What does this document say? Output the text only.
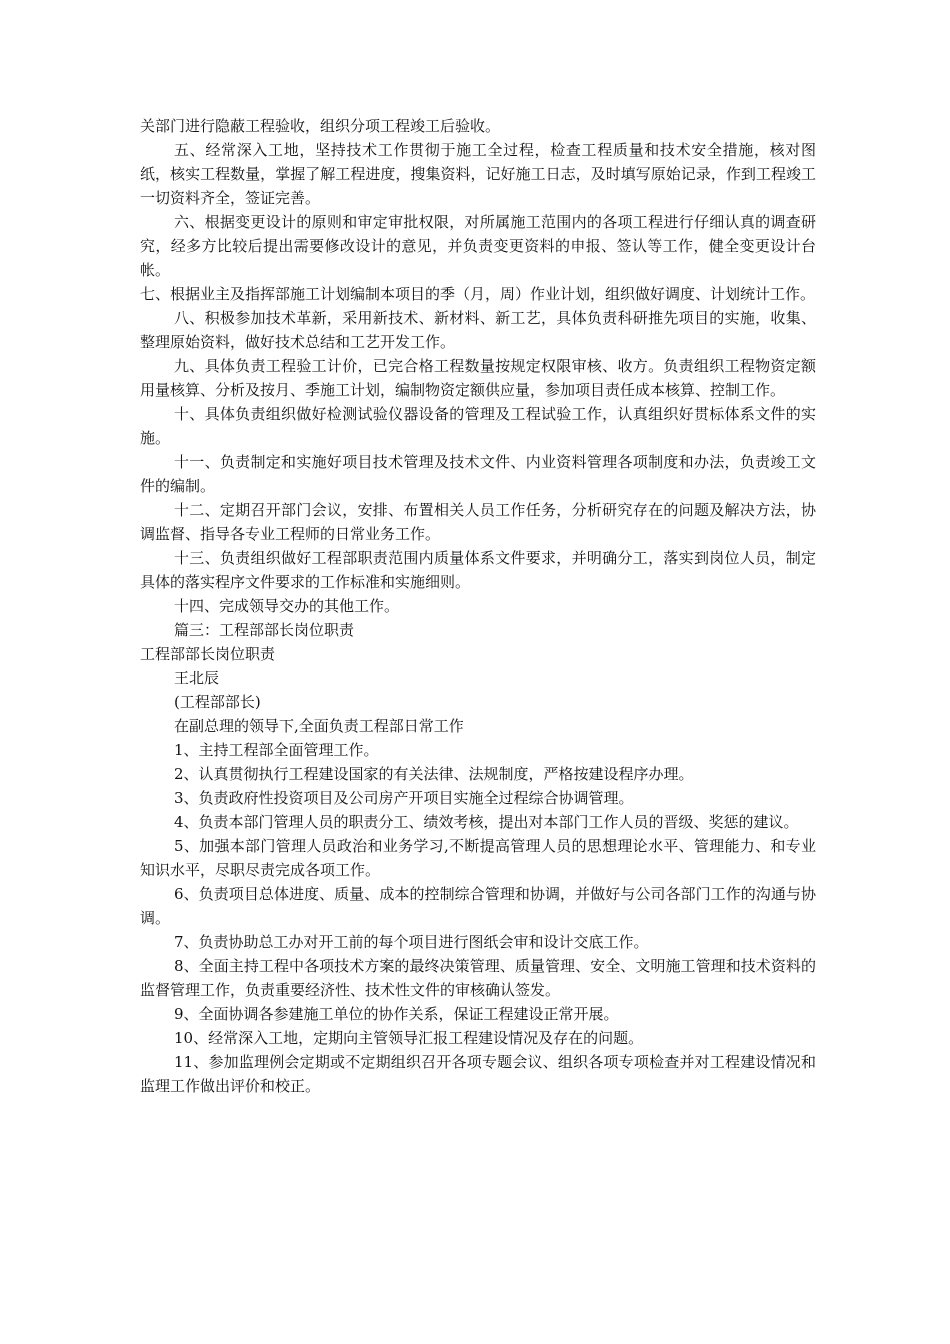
关部门进行隐蔽工程验收，组织分项工程竣工后验收。

五、经常深入工地，坚持技术工作贯彻于施工全过程，检查工程质量和技术安全措施，核对图纸，核实工程数量，掌握了解工程进度，搜集资料，记好施工日志，及时填写原始记录，作到工程竣工一切资料齐全，签证完善。

六、根据变更设计的原则和审定审批权限，对所属施工范围内的各项工程进行仔细认真的调查研究，经多方比较后提出需要修改设计的意见，并负责变更资料的申报、签认等工作，健全变更设计台帐。

七、根据业主及指挥部施工计划编制本项目的季（月，周）作业计划，组织做好调度、计划统计工作。

八、积极参加技术革新，采用新技术、新材料、新工艺，具体负责科研推先项目的实施，收集、整理原始资料，做好技术总结和工艺开发工作。

九、具体负责工程验工计价，已完合格工程数量按规定权限审核、收方。负责组织工程物资定额用量核算、分析及按月、季施工计划，编制物资定额供应量，参加项目责任成本核算、控制工作。

十、具体负责组织做好检测试验仪器设备的管理及工程试验工作，认真组织好贯标体系文件的实施。

十一、负责制定和实施好项目技术管理及技术文件、内业资料管理各项制度和办法，负责竣工文件的编制。

十二、定期召开部门会议，安排、布置相关人员工作任务，分析研究存在的问题及解决方法，协调监督、指导各专业工程师的日常业务工作。

十三、负责组织做好工程部职责范围内质量体系文件要求，并明确分工，落实到岗位人员，制定具体的落实程序文件要求的工作标准和实施细则。

十四、完成领导交办的其他工作。

篇三：工程部部长岗位职责

工程部部长岗位职责

王北辰

(工程部部长)

在副总理的领导下,全面负责工程部日常工作

1、主持工程部全面管理工作。

2、认真贯彻执行工程建设国家的有关法律、法规制度，严格按建设程序办理。

3、负责政府性投资项目及公司房产开项目实施全过程综合协调管理。

4、负责本部门管理人员的职责分工、绩效考核，提出对本部门工作人员的晋级、奖惩的建议。

5、加强本部门管理人员政治和业务学习,不断提高管理人员的思想理论水平、管理能力、和专业知识水平，尽职尽责完成各项工作。

6、负责项目总体进度、质量、成本的控制综合管理和协调，并做好与公司各部门工作的沟通与协调。

7、负责协助总工办对开工前的每个项目进行图纸会审和设计交底工作。

8、全面主持工程中各项技术方案的最终决策管理、质量管理、安全、文明施工管理和技术资料的监督管理工作，负责重要经济性、技术性文件的审核确认签发。

9、全面协调各参建施工单位的协作关系，保证工程建设正常开展。

10、经常深入工地，定期向主管领导汇报工程建设情况及存在的问题。

11、参加监理例会定期或不定期组织召开各项专题会议、组织各项专项检查并对工程建设情况和监理工作做出评价和校正。
